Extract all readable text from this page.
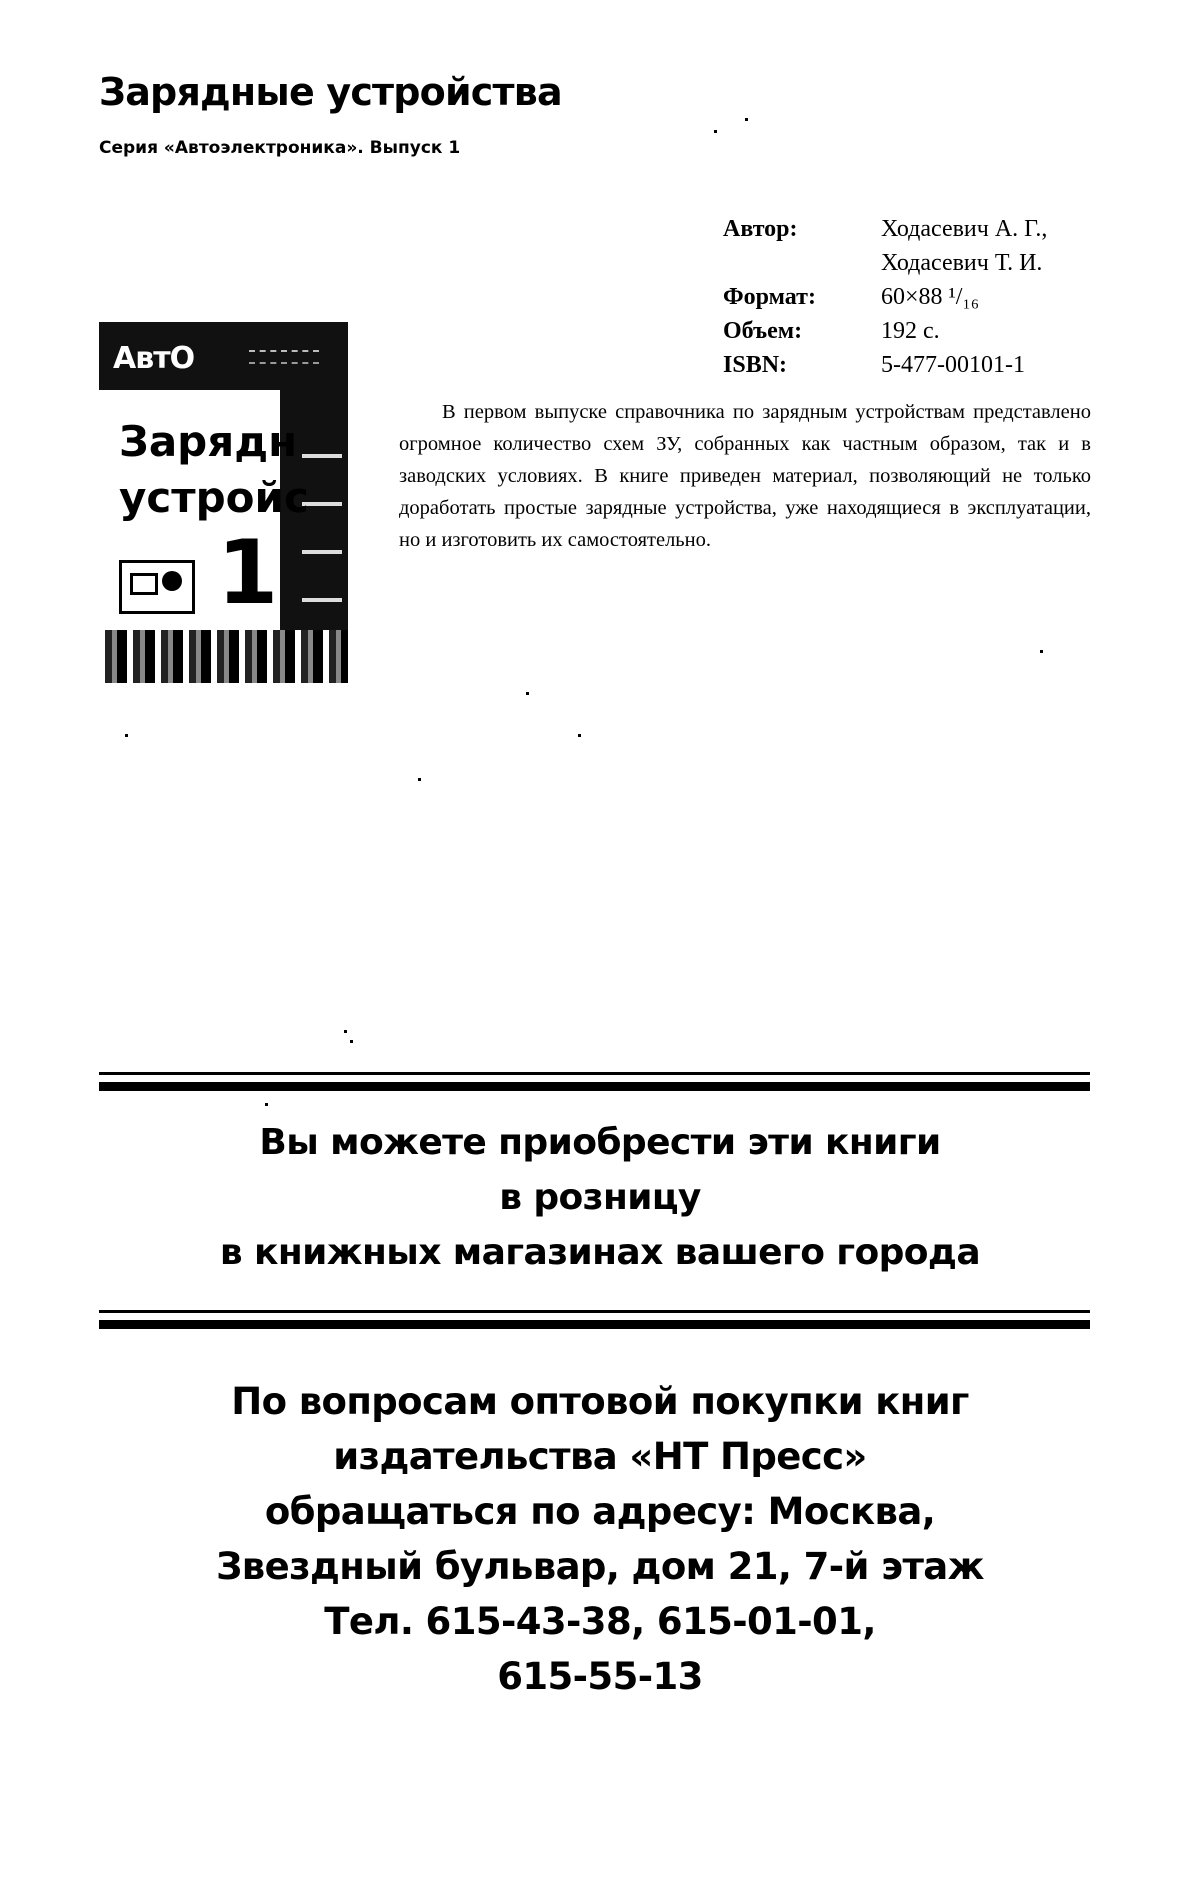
Зарядные устройства
Серия «Автоэлектроника». Выпуск 1
АвтО
Зарядн
устройс
1
Автор:	Ходасевич А. Г.,
Ходасевич Т. И.
Формат:	60×88 ¹/₁₆
Объем:	192 с.
ISBN:	5-477-00101-1

В первом выпуске справочника по зарядным устройствам представлено огромное количество схем ЗУ, собранных как частным образом, так и в заводских условиях. В книге приведен материал, позволяющий не только доработать простые зарядные устройства, уже находящиеся в эксплуатации, но и изготовить их самостоятельно.

Вы можете приобрести эти книги
в розницу
в книжных магазинах вашего города
По вопросам оптовой покупки книг
издательства «НТ Пресс»
обращаться по адресу: Москва,
Звездный бульвар, дом 21, 7-й этаж
Тел. 615-43-38, 615-01-01,
615-55-13
